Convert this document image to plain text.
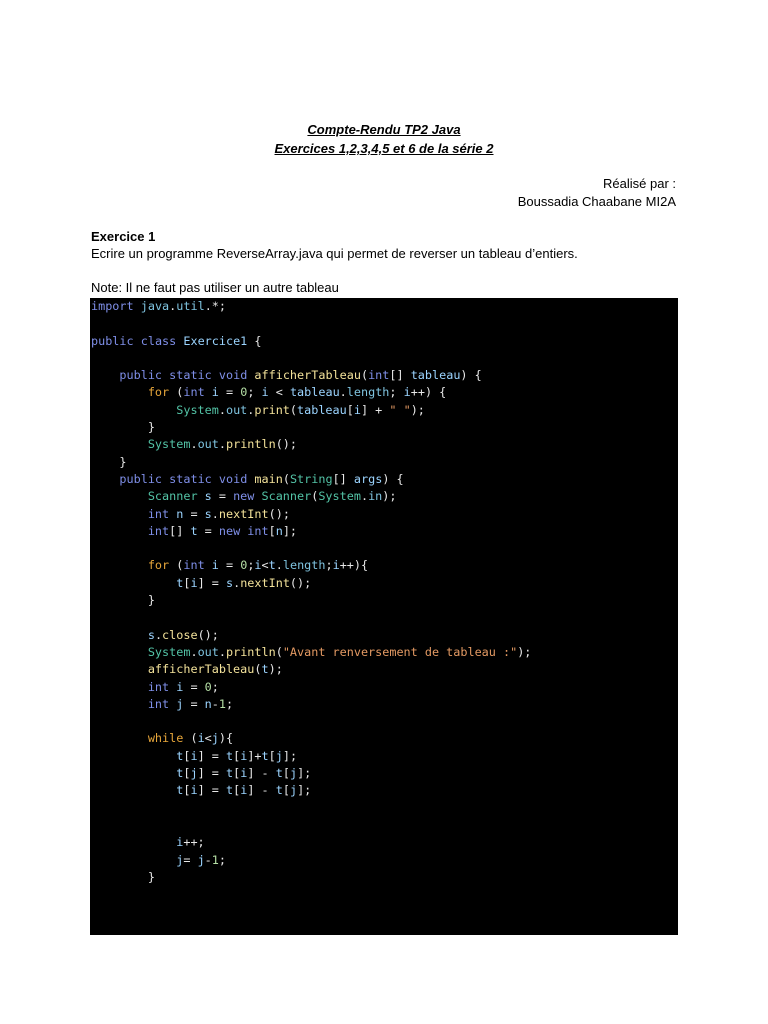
Compte-Rendu TP2 Java
Exercices 1,2,3,4,5 et 6 de la série 2
Réalisé par :
Boussadia Chaabane MI2A
Exercice 1
Ecrire un programme ReverseArray.java qui permet de reverser un tableau d’entiers.
Note: Il ne faut pas utiliser un autre tableau
import java.util.*;

public class Exercice1 {

public static void afficherTableau(int[] tableau) {
for (int i = 0; i < tableau.length; i++) {
System.out.print(tableau[i] + " ");
}
System.out.println();
}
public static void main(String[] args) {
Scanner s = new Scanner(System.in);
int n = s.nextInt();
int[] t = new int[n];

for (int i = 0;i<t.length;i++){
t[i] = s.nextInt();
}

s.close();
System.out.println("Avant renversement de tableau :");
afficherTableau(t);
int i = 0;
int j = n-1;

while (i<j){
t[i] = t[i]+t[j];
t[j] = t[i] - t[j];
t[i] = t[i] - t[j];

i++;
j= j-1;
}
